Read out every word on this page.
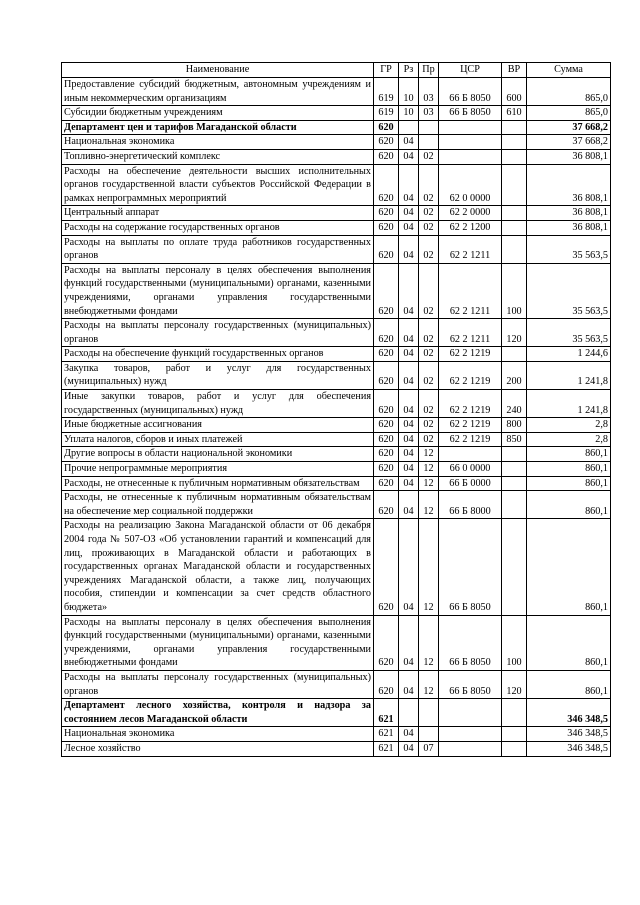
Наименование	ГР	Рз	Пр	ЦСР	ВР	Сумма
Предоставление субсидий бюджетным, автономным учреждениям и иным некоммерческим организациям	619	10	03	66 Б 8050	600	865,0
Субсидии бюджетным учреждениям	619	10	03	66 Б 8050	610	865,0
Департамент цен и тарифов Магаданской области	620					37 668,2
Национальная экономика	620	04				37 668,2
Топливно-энергетический комплекс	620	04	02			36 808,1
Расходы на обеспечение деятельности высших исполнительных органов государственной власти субъектов Российской Федерации в рамках непрограммных мероприятий	620	04	02	62 0 0000		36 808,1
Центральный аппарат	620	04	02	62 2 0000		36 808,1
Расходы на содержание государственных органов	620	04	02	62 2 1200		36 808,1
Расходы на выплаты по оплате труда работников государственных органов	620	04	02	62 2 1211		35 563,5
Расходы на выплаты персоналу в целях обеспечения выполнения функций государственными (муниципальными) органами, казенными учреждениями, органами управления государственными внебюджетными фондами	620	04	02	62 2 1211	100	35 563,5
Расходы на выплаты персоналу государственных (муниципальных) органов	620	04	02	62 2 1211	120	35 563,5
Расходы на обеспечение функций государственных органов	620	04	02	62 2 1219		1 244,6
Закупка товаров, работ и услуг для государственных (муниципальных) нужд	620	04	02	62 2 1219	200	1 241,8
Иные закупки товаров, работ и услуг для обеспечения государственных (муниципальных) нужд	620	04	02	62 2 1219	240	1 241,8
Иные бюджетные ассигнования	620	04	02	62 2 1219	800	2,8
Уплата налогов, сборов и иных платежей	620	04	02	62 2 1219	850	2,8
Другие вопросы в области национальной экономики	620	04	12			860,1
Прочие непрограммные мероприятия	620	04	12	66 0 0000		860,1
Расходы, не отнесенные к публичным нормативным обязательствам	620	04	12	66 Б 0000		860,1
Расходы, не отнесенные к публичным нормативным обязательствам на обеспечение мер социальной поддержки	620	04	12	66 Б 8000		860,1
Расходы на реализацию Закона Магаданской области от 06 декабря 2004 года № 507-ОЗ «Об установлении гарантий и компенсаций для лиц, проживающих в Магаданской области и работающих в государственных органах Магаданской области и государственных учреждениях Магаданской области, а также лиц, получающих пособия, стипендии и компенсации за счет средств областного бюджета»	620	04	12	66 Б 8050		860,1
Расходы на выплаты персоналу в целях обеспечения выполнения функций государственными (муниципальными) органами, казенными учреждениями, органами управления государственными внебюджетными фондами	620	04	12	66 Б 8050	100	860,1
Расходы на выплаты персоналу государственных (муниципальных) органов	620	04	12	66 Б 8050	120	860,1
Департамент лесного хозяйства, контроля и надзора за состоянием лесов Магаданской области	621					346 348,5
Национальная экономика	621	04				346 348,5
Лесное хозяйство	621	04	07			346 348,5
